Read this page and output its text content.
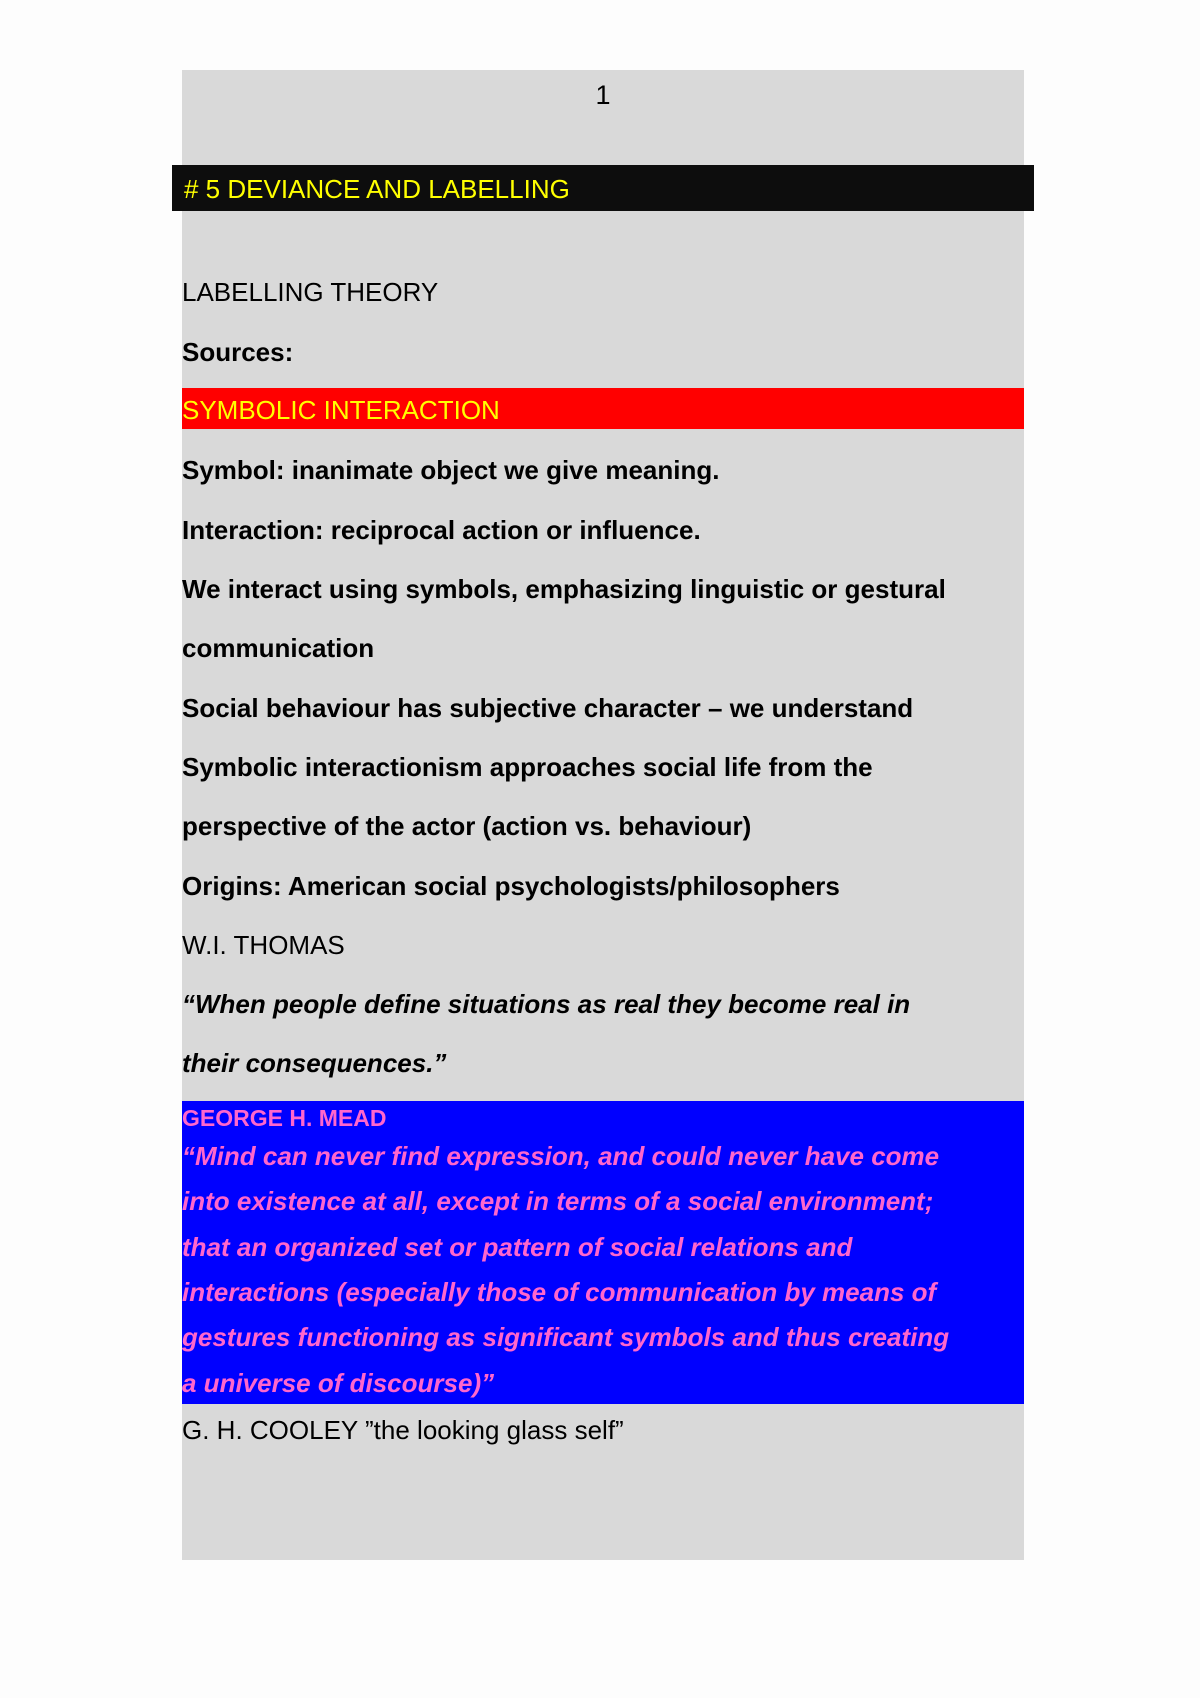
1
# 5 DEVIANCE AND LABELLING
LABELLING THEORY
Sources:
SYMBOLIC INTERACTION
Symbol: inanimate object we give meaning.
Interaction: reciprocal action or influence.
We interact using symbols, emphasizing linguistic or gestural
communication
Social behaviour has subjective character – we understand
Symbolic interactionism approaches social life from the
perspective of the actor (action vs. behaviour)
Origins: American social psychologists/philosophers
W.I. THOMAS
“When people define situations as real they become real in
their consequences.”
GEORGE H. MEAD
“Mind can never find expression, and could never have come
into existence at all, except in terms of a social environment;
that an organized set or pattern of social relations and
interactions (especially those of communication by means of
gestures functioning as significant symbols and thus creating
a universe of discourse)”
G. H. COOLEY ”the looking glass self”
